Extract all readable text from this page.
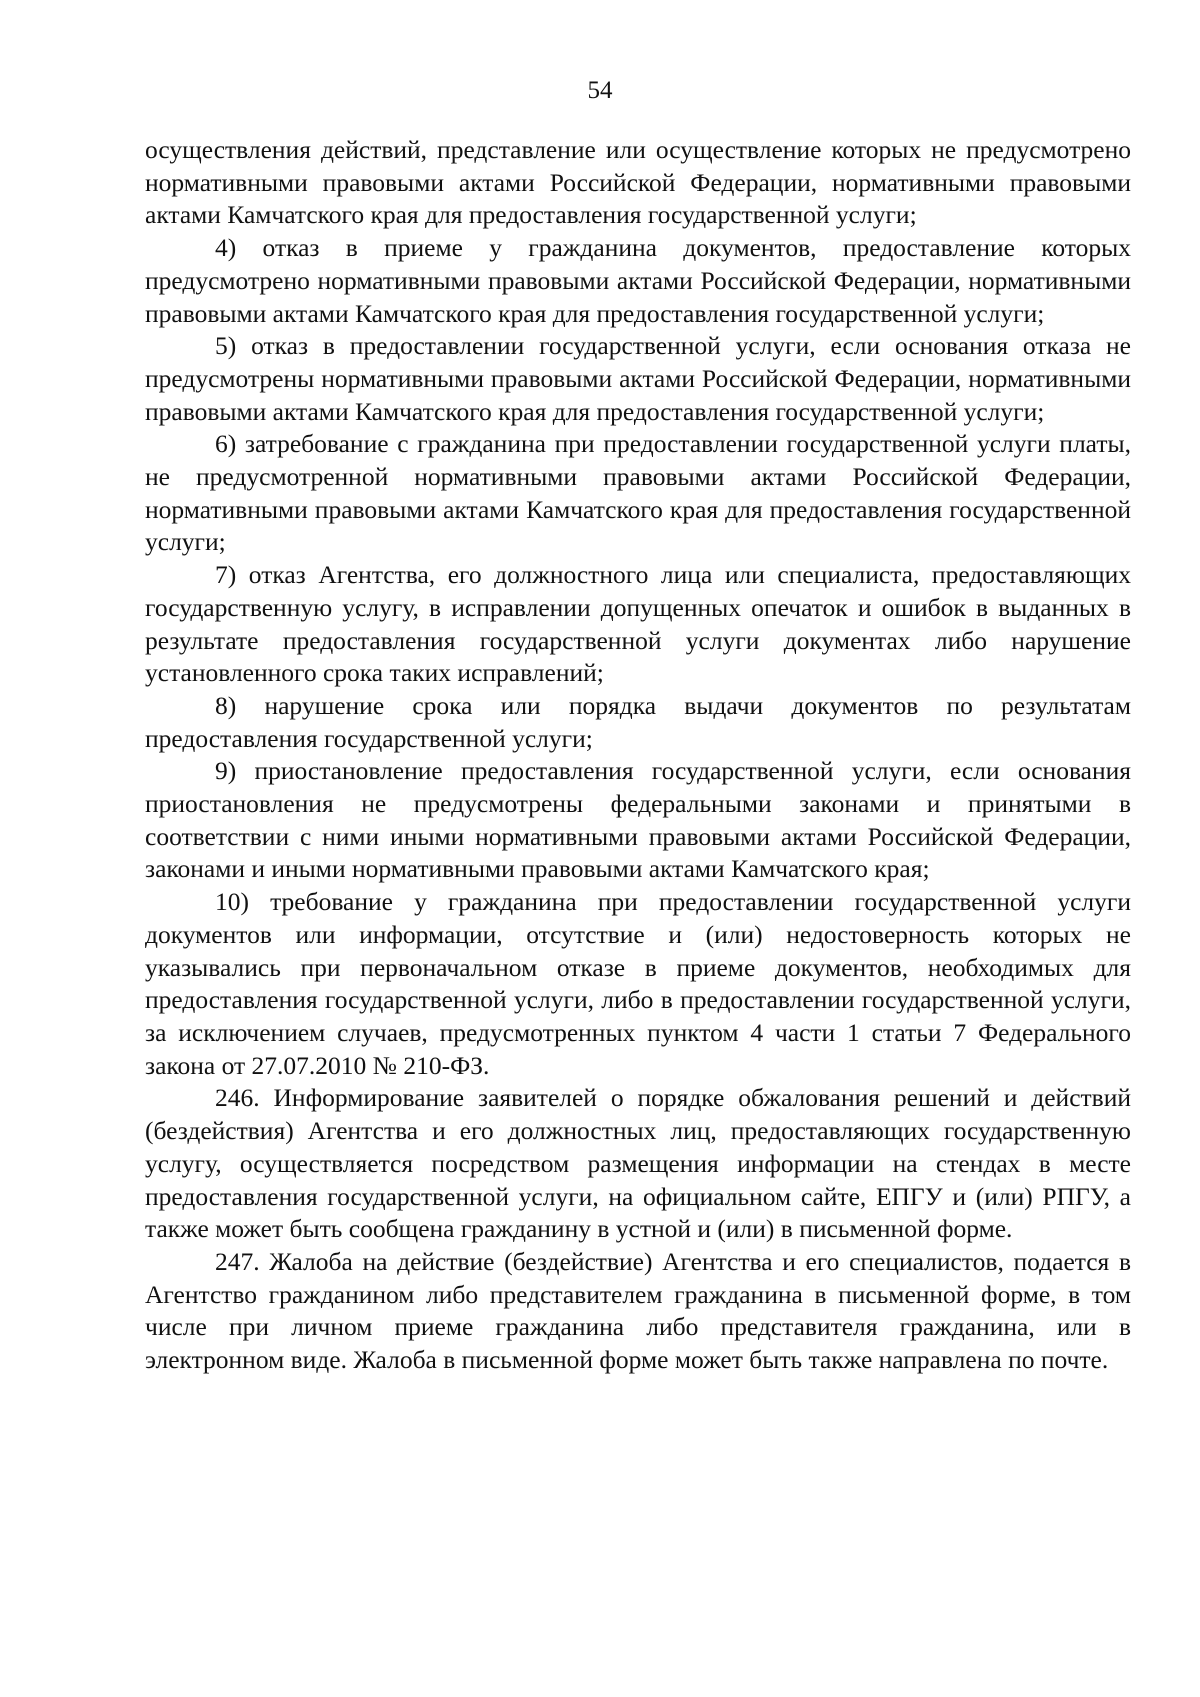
54

осуществления действий, представление или осуществление которых не предусмотрено нормативными правовыми актами Российской Федерации, нормативными правовыми актами Камчатского края для предоставления государственной услуги;

4) отказ в приеме у гражданина документов, предоставление которых предусмотрено нормативными правовыми актами Российской Федерации, нормативными правовыми актами Камчатского края для предоставления государственной услуги;

5) отказ в предоставлении государственной услуги, если основания отказа не предусмотрены нормативными правовыми актами Российской Федерации, нормативными правовыми актами Камчатского края для предоставления государственной услуги;

6) затребование с гражданина при предоставлении государственной услуги платы, не предусмотренной нормативными правовыми актами Российской Федерации, нормативными правовыми актами Камчатского края для предоставления государственной услуги;

7) отказ Агентства, его должностного лица или специалиста, предоставляющих государственную услугу, в исправлении допущенных опечаток и ошибок в выданных в результате предоставления государственной услуги документах либо нарушение установленного срока таких исправлений;

8) нарушение срока или порядка выдачи документов по результатам предоставления государственной услуги;

9) приостановление предоставления государственной услуги, если основания приостановления не предусмотрены федеральными законами и принятыми в соответствии с ними иными нормативными правовыми актами Российской Федерации, законами и иными нормативными правовыми актами Камчатского края;

10) требование у гражданина при предоставлении государственной услуги документов или информации, отсутствие и (или) недостоверность которых не указывались при первоначальном отказе в приеме документов, необходимых для предоставления государственной услуги, либо в предоставлении государственной услуги, за исключением случаев, предусмотренных пунктом 4 части 1 статьи 7 Федерального закона от 27.07.2010 № 210-ФЗ.

246. Информирование заявителей о порядке обжалования решений и действий (бездействия) Агентства и его должностных лиц, предоставляющих государственную услугу, осуществляется посредством размещения информации на стендах в месте предоставления государственной услуги, на официальном сайте, ЕПГУ и (или) РПГУ, а также может быть сообщена гражданину в устной и (или) в письменной форме.

247. Жалоба на действие (бездействие) Агентства и его специалистов, подается в Агентство гражданином либо представителем гражданина в письменной форме, в том числе при личном приеме гражданина либо представителя гражданина, или в электронном виде. Жалоба в письменной форме может быть также направлена по почте.
